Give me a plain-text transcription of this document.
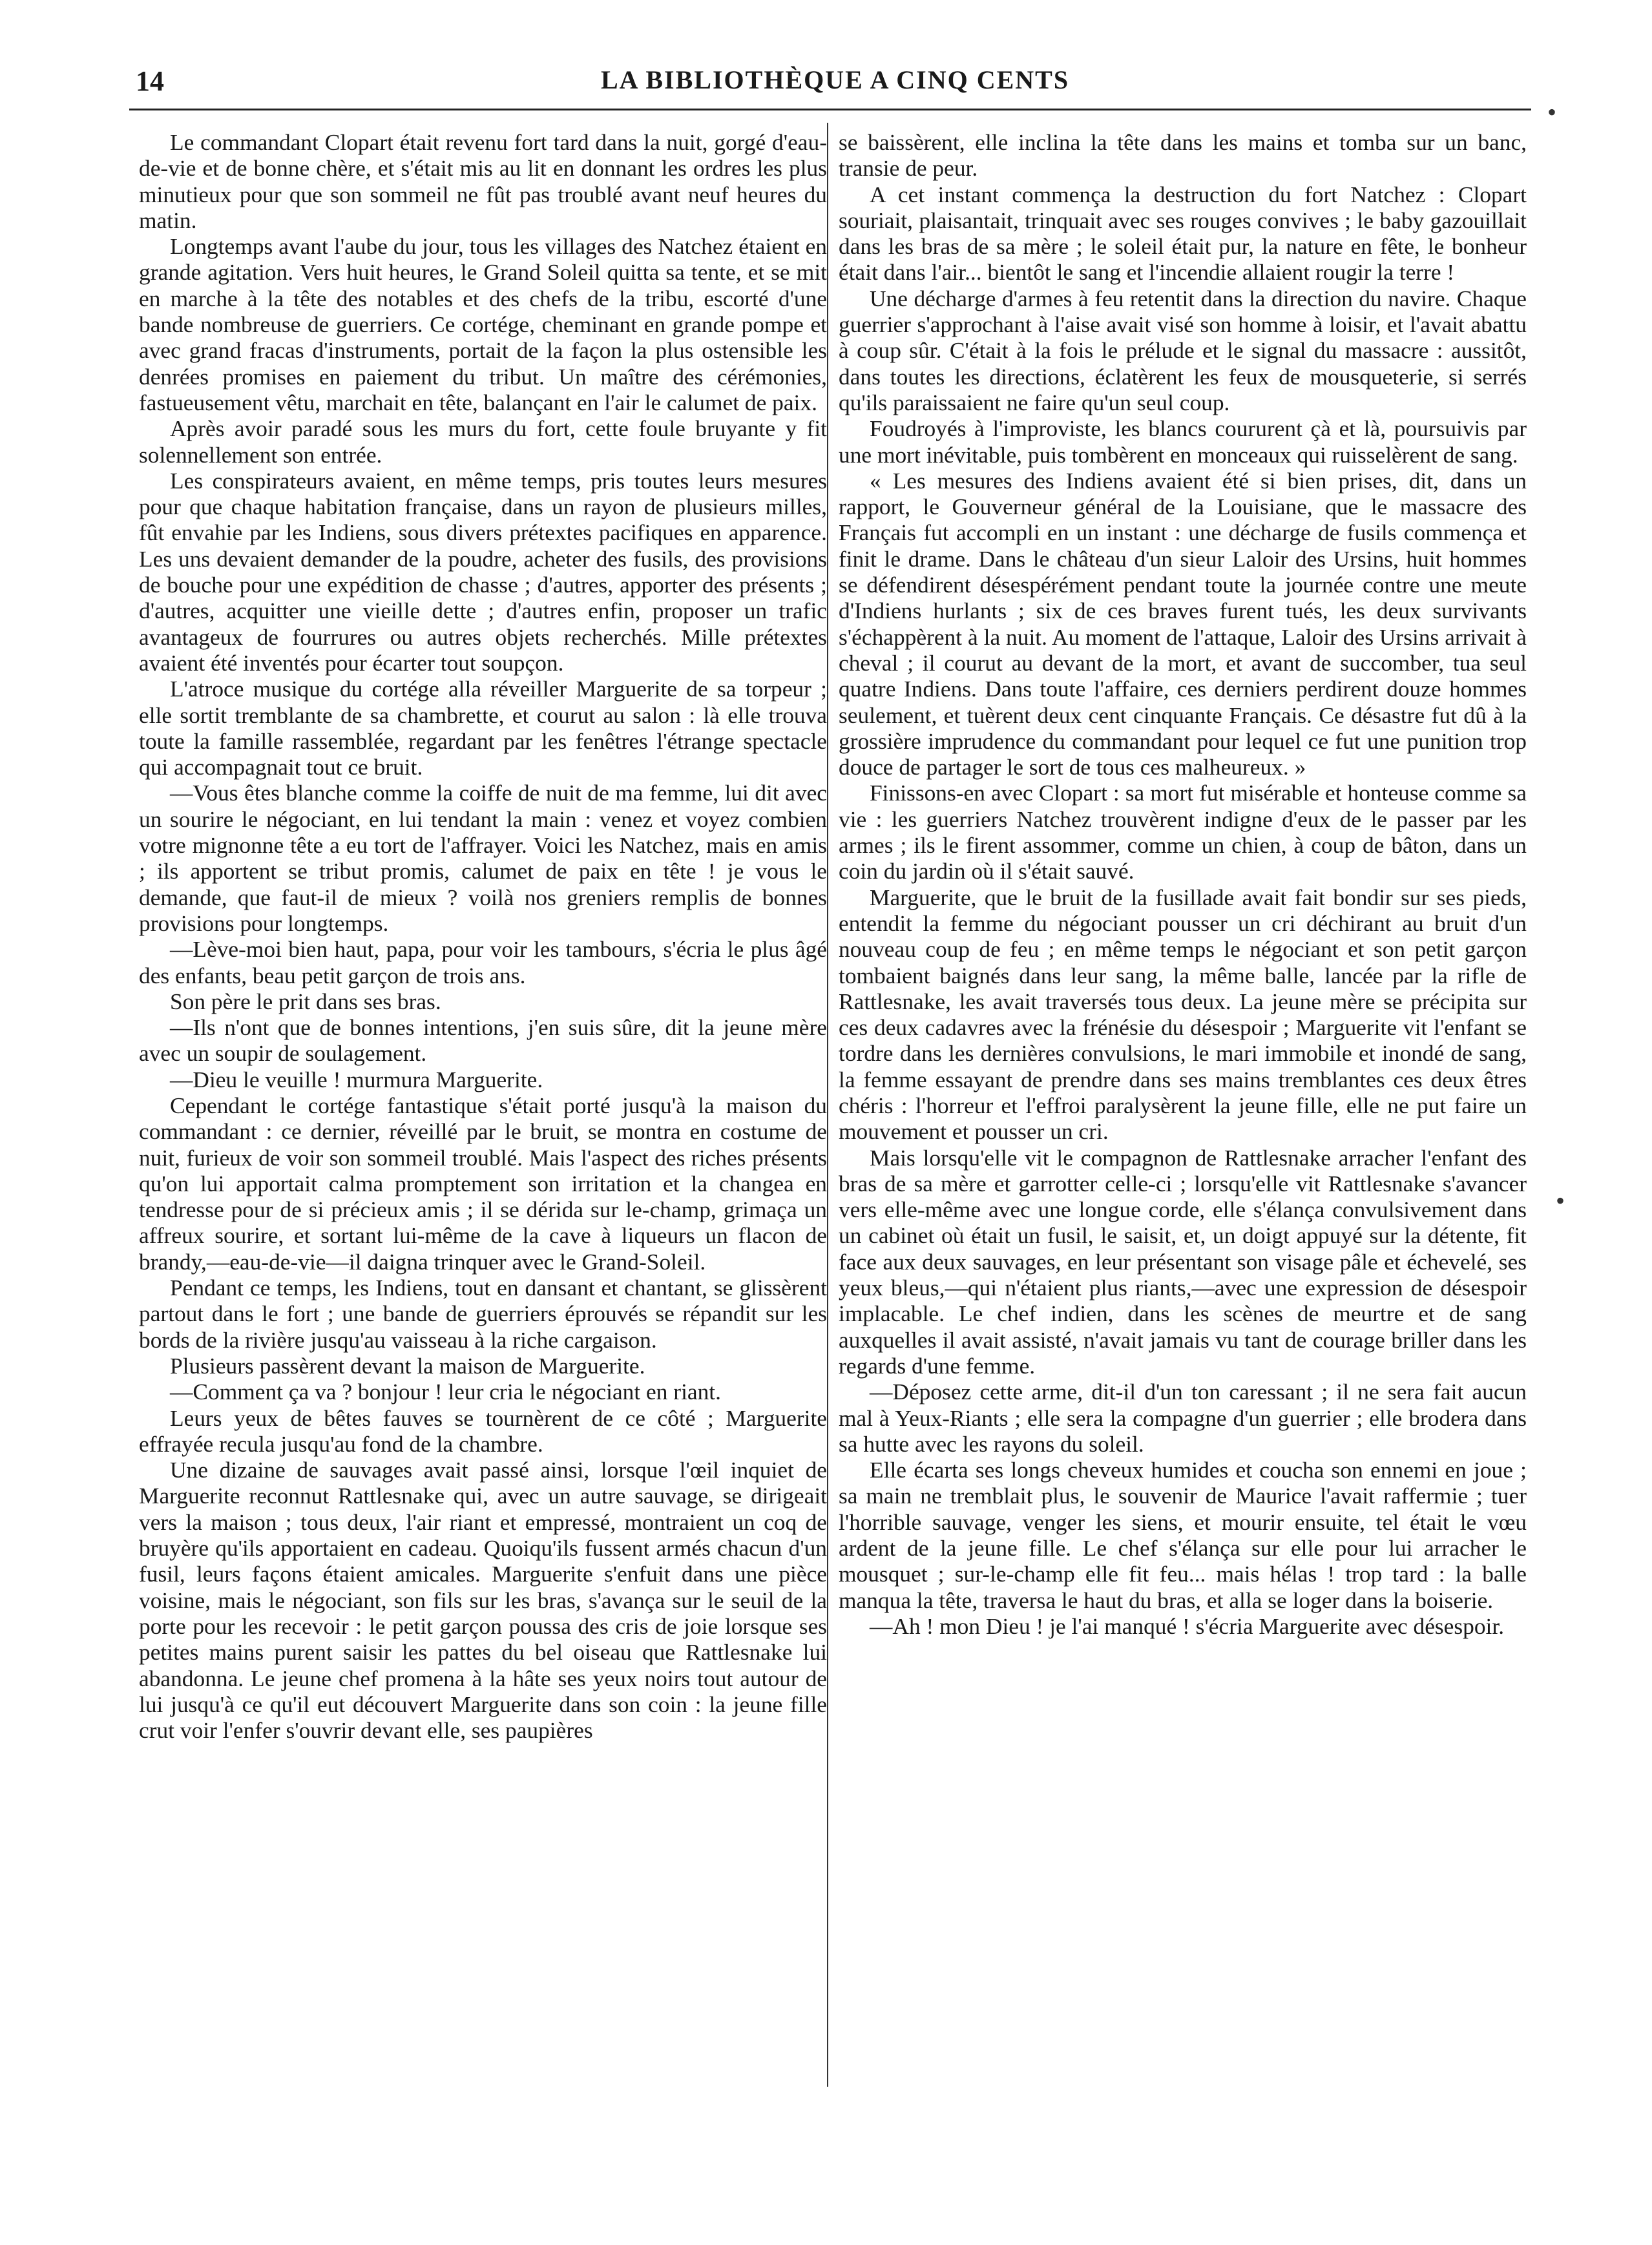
14	LA BIBLIOTHÈQUE A CINQ CENTS

Le commandant Clopart était revenu fort tard dans la nuit, gorgé d'eau-de-vie et de bonne chère, et s'était mis au lit en donnant les ordres les plus minutieux pour que son sommeil ne fût pas troublé avant neuf heures du matin.

Longtemps avant l'aube du jour, tous les villages des Natchez étaient en grande agitation. Vers huit heures, le Grand Soleil quitta sa tente, et se mit en marche à la tête des notables et des chefs de la tribu, escorté d'une bande nombreuse de guerriers. Ce cortége, cheminant en grande pompe et avec grand fracas d'instruments, portait de la façon la plus ostensible les denrées promises en paiement du tribut. Un maître des cérémonies, fastueusement vêtu, marchait en tête, balançant en l'air le calumet de paix.

Après avoir paradé sous les murs du fort, cette foule bruyante y fit solennellement son entrée.

Les conspirateurs avaient, en même temps, pris toutes leurs mesures pour que chaque habitation française, dans un rayon de plusieurs milles, fût envahie par les Indiens, sous divers prétextes pacifiques en apparence. Les uns devaient demander de la poudre, acheter des fusils, des provisions de bouche pour une expédition de chasse ; d'autres, apporter des présents ; d'autres, acquitter une vieille dette ; d'autres enfin, proposer un trafic avantageux de fourrures ou autres objets recherchés. Mille prétextes avaient été inventés pour écarter tout soupçon.

L'atroce musique du cortége alla réveiller Marguerite de sa torpeur ; elle sortit tremblante de sa chambrette, et courut au salon : là elle trouva toute la famille rassemblée, regardant par les fenêtres l'étrange spectacle qui accompagnait tout ce bruit.

—Vous êtes blanche comme la coiffe de nuit de ma femme, lui dit avec un sourire le négociant, en lui tendant la main : venez et voyez combien votre mignonne tête a eu tort de l'affrayer. Voici les Natchez, mais en amis ; ils apportent se tribut promis, calumet de paix en tête ! je vous le demande, que faut-il de mieux ? voilà nos greniers remplis de bonnes provisions pour longtemps.

—Lève-moi bien haut, papa, pour voir les tambours, s'écria le plus âgé des enfants, beau petit garçon de trois ans.

Son père le prit dans ses bras.

—Ils n'ont que de bonnes intentions, j'en suis sûre, dit la jeune mère avec un soupir de soulagement.

—Dieu le veuille ! murmura Marguerite.

Cependant le cortége fantastique s'était porté jusqu'à la maison du commandant : ce dernier, réveillé par le bruit, se montra en costume de nuit, furieux de voir son sommeil troublé. Mais l'aspect des riches présents qu'on lui apportait calma promptement son irritation et la changea en tendresse pour de si précieux amis ; il se dérida sur le-champ, grimaça un affreux sourire, et sortant lui-même de la cave à liqueurs un flacon de brandy,—eau-de-vie—il daigna trinquer avec le Grand-Soleil.

Pendant ce temps, les Indiens, tout en dansant et chantant, se glissèrent partout dans le fort ; une bande de guerriers éprouvés se répandit sur les bords de la rivière jusqu'au vaisseau à la riche cargaison.

Plusieurs passèrent devant la maison de Marguerite.

—Comment ça va ? bonjour ! leur cria le négociant en riant.

Leurs yeux de bêtes fauves se tournèrent de ce côté ; Marguerite effrayée recula jusqu'au fond de la chambre.

Une dizaine de sauvages avait passé ainsi, lorsque l'œil inquiet de Marguerite reconnut Rattlesnake qui, avec un autre sauvage, se dirigeait vers la maison ; tous deux, l'air riant et empressé, montraient un coq de bruyère qu'ils apportaient en cadeau. Quoiqu'ils fussent armés chacun d'un fusil, leurs façons étaient amicales. Marguerite s'enfuit dans une pièce voisine, mais le négociant, son fils sur les bras, s'avança sur le seuil de la porte pour les recevoir : le petit garçon poussa des cris de joie lorsque ses petites mains purent saisir les pattes du bel oiseau que Rattlesnake lui abandonna. Le jeune chef promena à la hâte ses yeux noirs tout autour de lui jusqu'à ce qu'il eut découvert Marguerite dans son coin : la jeune fille crut voir l'enfer s'ouvrir devant elle, ses paupières

se baissèrent, elle inclina la tête dans les mains et tomba sur un banc, transie de peur.

A cet instant commença la destruction du fort Natchez : Clopart souriait, plaisantait, trinquait avec ses rouges convives ; le baby gazouillait dans les bras de sa mère ; le soleil était pur, la nature en fête, le bonheur était dans l'air... bientôt le sang et l'incendie allaient rougir la terre !

Une décharge d'armes à feu retentit dans la direction du navire. Chaque guerrier s'approchant à l'aise avait visé son homme à loisir, et l'avait abattu à coup sûr. C'était à la fois le prélude et le signal du massacre : aussitôt, dans toutes les directions, éclatèrent les feux de mousqueterie, si serrés qu'ils paraissaient ne faire qu'un seul coup.

Foudroyés à l'improviste, les blancs coururent çà et là, poursuivis par une mort inévitable, puis tombèrent en monceaux qui ruisselèrent de sang.

« Les mesures des Indiens avaient été si bien prises, dit, dans un rapport, le Gouverneur général de la Louisiane, que le massacre des Français fut accompli en un instant : une décharge de fusils commença et finit le drame. Dans le château d'un sieur Laloir des Ursins, huit hommes se défendirent désespérément pendant toute la journée contre une meute d'Indiens hurlants ; six de ces braves furent tués, les deux survivants s'échappèrent à la nuit. Au moment de l'attaque, Laloir des Ursins arrivait à cheval ; il courut au devant de la mort, et avant de succomber, tua seul quatre Indiens. Dans toute l'affaire, ces derniers perdirent douze hommes seulement, et tuèrent deux cent cinquante Français. Ce désastre fut dû à la grossière imprudence du commandant pour lequel ce fut une punition trop douce de partager le sort de tous ces malheureux. »

Finissons-en avec Clopart : sa mort fut misérable et honteuse comme sa vie : les guerriers Natchez trouvèrent indigne d'eux de le passer par les armes ; ils le firent assommer, comme un chien, à coup de bâton, dans un coin du jardin où il s'était sauvé.

Marguerite, que le bruit de la fusillade avait fait bondir sur ses pieds, entendit la femme du négociant pousser un cri déchirant au bruit d'un nouveau coup de feu ; en même temps le négociant et son petit garçon tombaient baignés dans leur sang, la même balle, lancée par la rifle de Rattlesnake, les avait traversés tous deux. La jeune mère se précipita sur ces deux cadavres avec la frénésie du désespoir ; Marguerite vit l'enfant se tordre dans les dernières convulsions, le mari immobile et inondé de sang, la femme essayant de prendre dans ses mains tremblantes ces deux êtres chéris : l'horreur et l'effroi paralysèrent la jeune fille, elle ne put faire un mouvement et pousser un cri.

Mais lorsqu'elle vit le compagnon de Rattlesnake arracher l'enfant des bras de sa mère et garrotter celle-ci ; lorsqu'elle vit Rattlesnake s'avancer vers elle-même avec une longue corde, elle s'élança convulsivement dans un cabinet où était un fusil, le saisit, et, un doigt appuyé sur la détente, fit face aux deux sauvages, en leur présentant son visage pâle et échevelé, ses yeux bleus,—qui n'étaient plus riants,—avec une expression de désespoir implacable. Le chef indien, dans les scènes de meurtre et de sang auxquelles il avait assisté, n'avait jamais vu tant de courage briller dans les regards d'une femme.

—Déposez cette arme, dit-il d'un ton caressant ; il ne sera fait aucun mal à Yeux-Riants ; elle sera la compagne d'un guerrier ; elle brodera dans sa hutte avec les rayons du soleil.

Elle écarta ses longs cheveux humides et coucha son ennemi en joue ; sa main ne tremblait plus, le souvenir de Maurice l'avait raffermie ; tuer l'horrible sauvage, venger les siens, et mourir ensuite, tel était le vœu ardent de la jeune fille. Le chef s'élança sur elle pour lui arracher le mousquet ; sur-le-champ elle fit feu... mais hélas ! trop tard : la balle manqua la tête, traversa le haut du bras, et alla se loger dans la boiserie.

—Ah ! mon Dieu ! je l'ai manqué ! s'écria Marguerite avec désespoir.

•
•
